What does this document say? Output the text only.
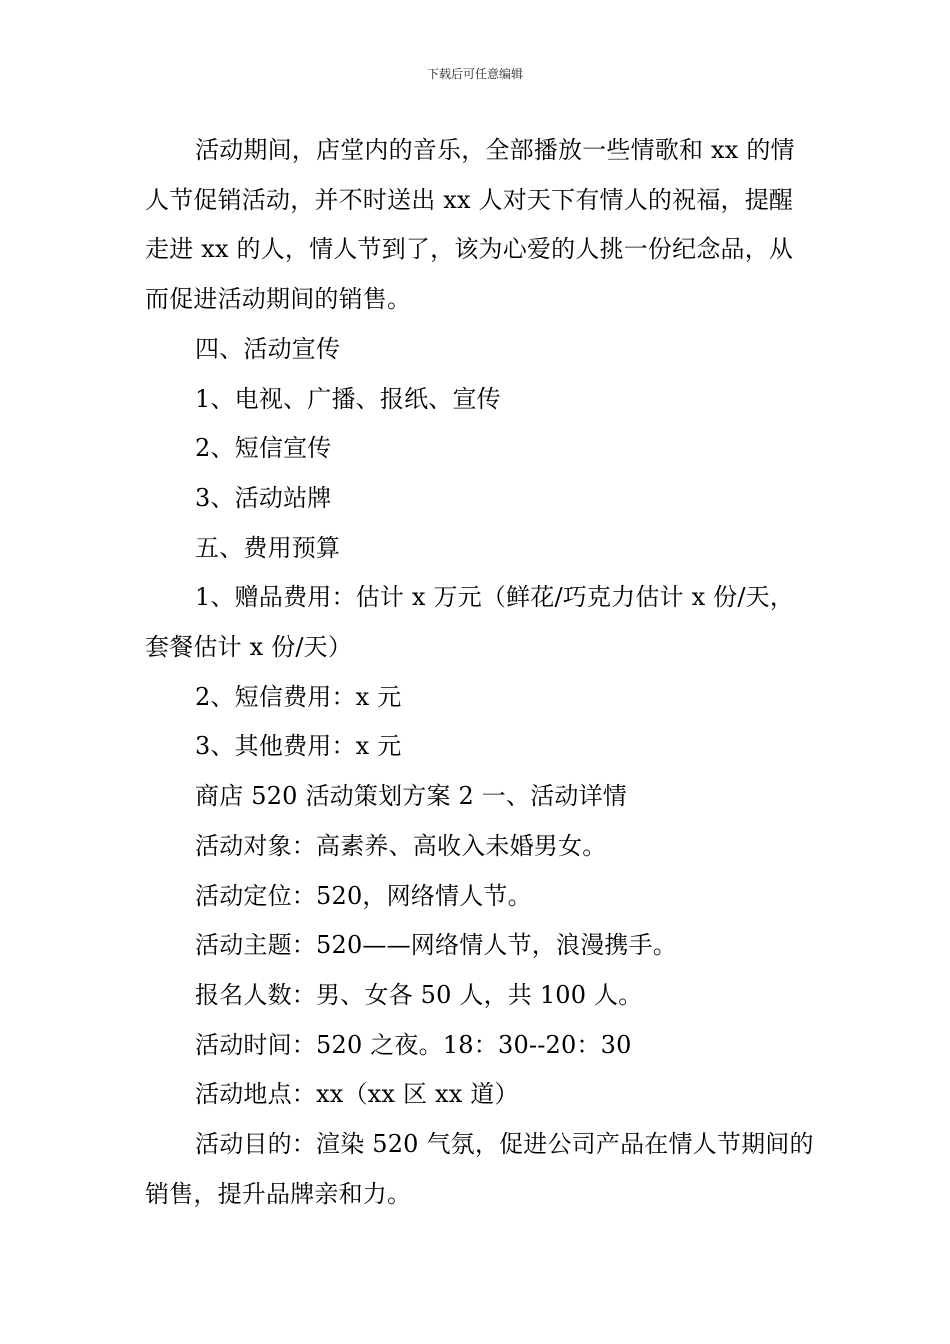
下载后可任意编辑

活动期间，店堂内的音乐，全部播放一些情歌和 xx 的情人节促销活动，并不时送出 xx 人对天下有情人的祝福，提醒走进 xx 的人，情人节到了，该为心爱的人挑一份纪念品，从而促进活动期间的销售。

四、活动宣传

1、电视、广播、报纸、宣传

2、短信宣传

3、活动站牌

五、费用预算

1、赠品费用：估计 x 万元（鲜花/巧克力估计 x 份/天，套餐估计 x 份/天）

2、短信费用：x 元

3、其他费用：x 元

商店 520 活动策划方案 2 一、活动详情

活动对象：高素养、高收入未婚男女。

活动定位：520，网络情人节。

活动主题：520——网络情人节，浪漫携手。

报名人数：男、女各 50 人，共 100 人。

活动时间：520 之夜。18：30--20：30

活动地点：xx（xx 区 xx 道）

活动目的：渲染 520 气氛，促进公司产品在情人节期间的销售，提升品牌亲和力。
